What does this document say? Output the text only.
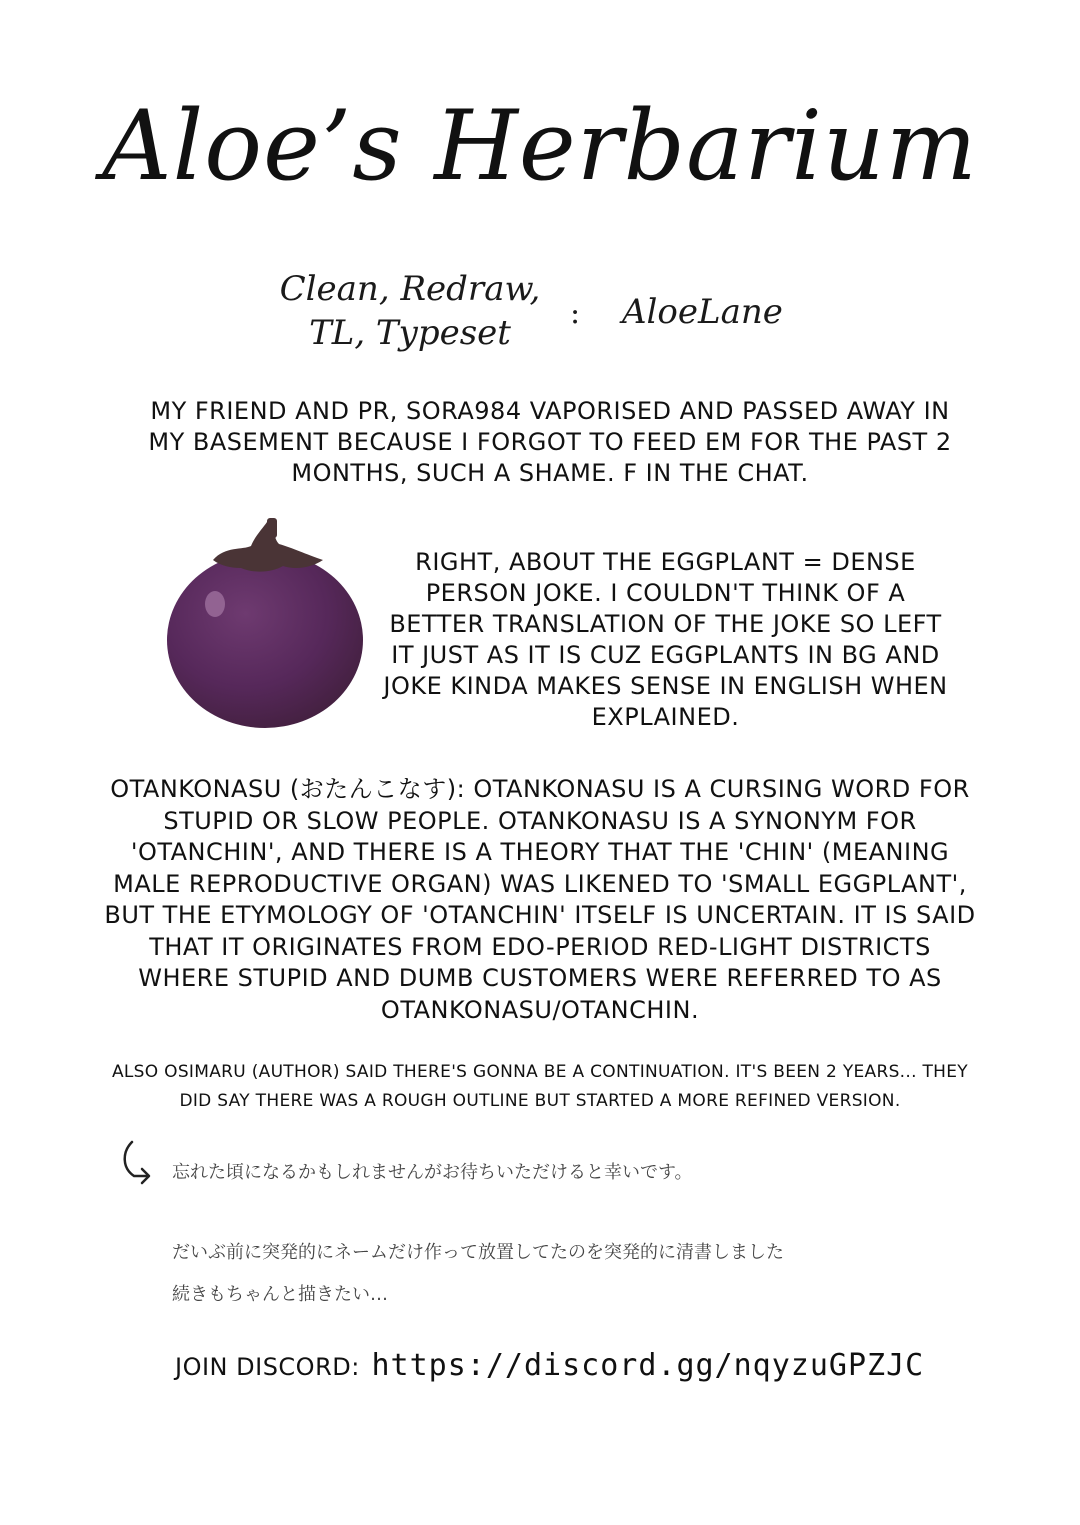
Aloe’s Herbarium
Clean, Redraw,
TL, Typeset	: AloeLane

MY FRIEND AND PR, SORA984 VAPORISED AND PASSED AWAY IN MY BASEMENT BECAUSE I FORGOT TO FEED EM FOR THE PAST 2 MONTHS, SUCH A SHAME. F IN THE CHAT.

RIGHT, ABOUT THE EGGPLANT = DENSE PERSON JOKE. I COULDN'T THINK OF A BETTER TRANSLATION OF THE JOKE SO LEFT IT JUST AS IT IS CUZ EGGPLANTS IN BG AND JOKE KINDA MAKES SENSE IN ENGLISH WHEN EXPLAINED.

OTANKONASU (おたんこなす): OTANKONASU IS A CURSING WORD FOR STUPID OR SLOW PEOPLE. OTANKONASU IS A SYNONYM FOR 'OTANCHIN', AND THERE IS A THEORY THAT THE 'CHIN' (MEANING MALE REPRODUCTIVE ORGAN) WAS LIKENED TO 'SMALL EGGPLANT', BUT THE ETYMOLOGY OF 'OTANCHIN' ITSELF IS UNCERTAIN. IT IS SAID THAT IT ORIGINATES FROM EDO-PERIOD RED-LIGHT DISTRICTS WHERE STUPID AND DUMB CUSTOMERS WERE REFERRED TO AS OTANKONASU/OTANCHIN.

ALSO OSIMARU (AUTHOR) SAID THERE'S GONNA BE A CONTINUATION. IT'S BEEN 2 YEARS... THEY DID SAY THERE WAS A ROUGH OUTLINE BUT STARTED A MORE REFINED VERSION.

忘れた頃になるかもしれませんがお待ちいただけると幸いです。

だいぶ前に突発的にネームだけ作って放置してたのを突発的に清書しました

続きもちゃんと描きたい…

JOIN DISCORD: https://discord.gg/nqyzuGPZJC
